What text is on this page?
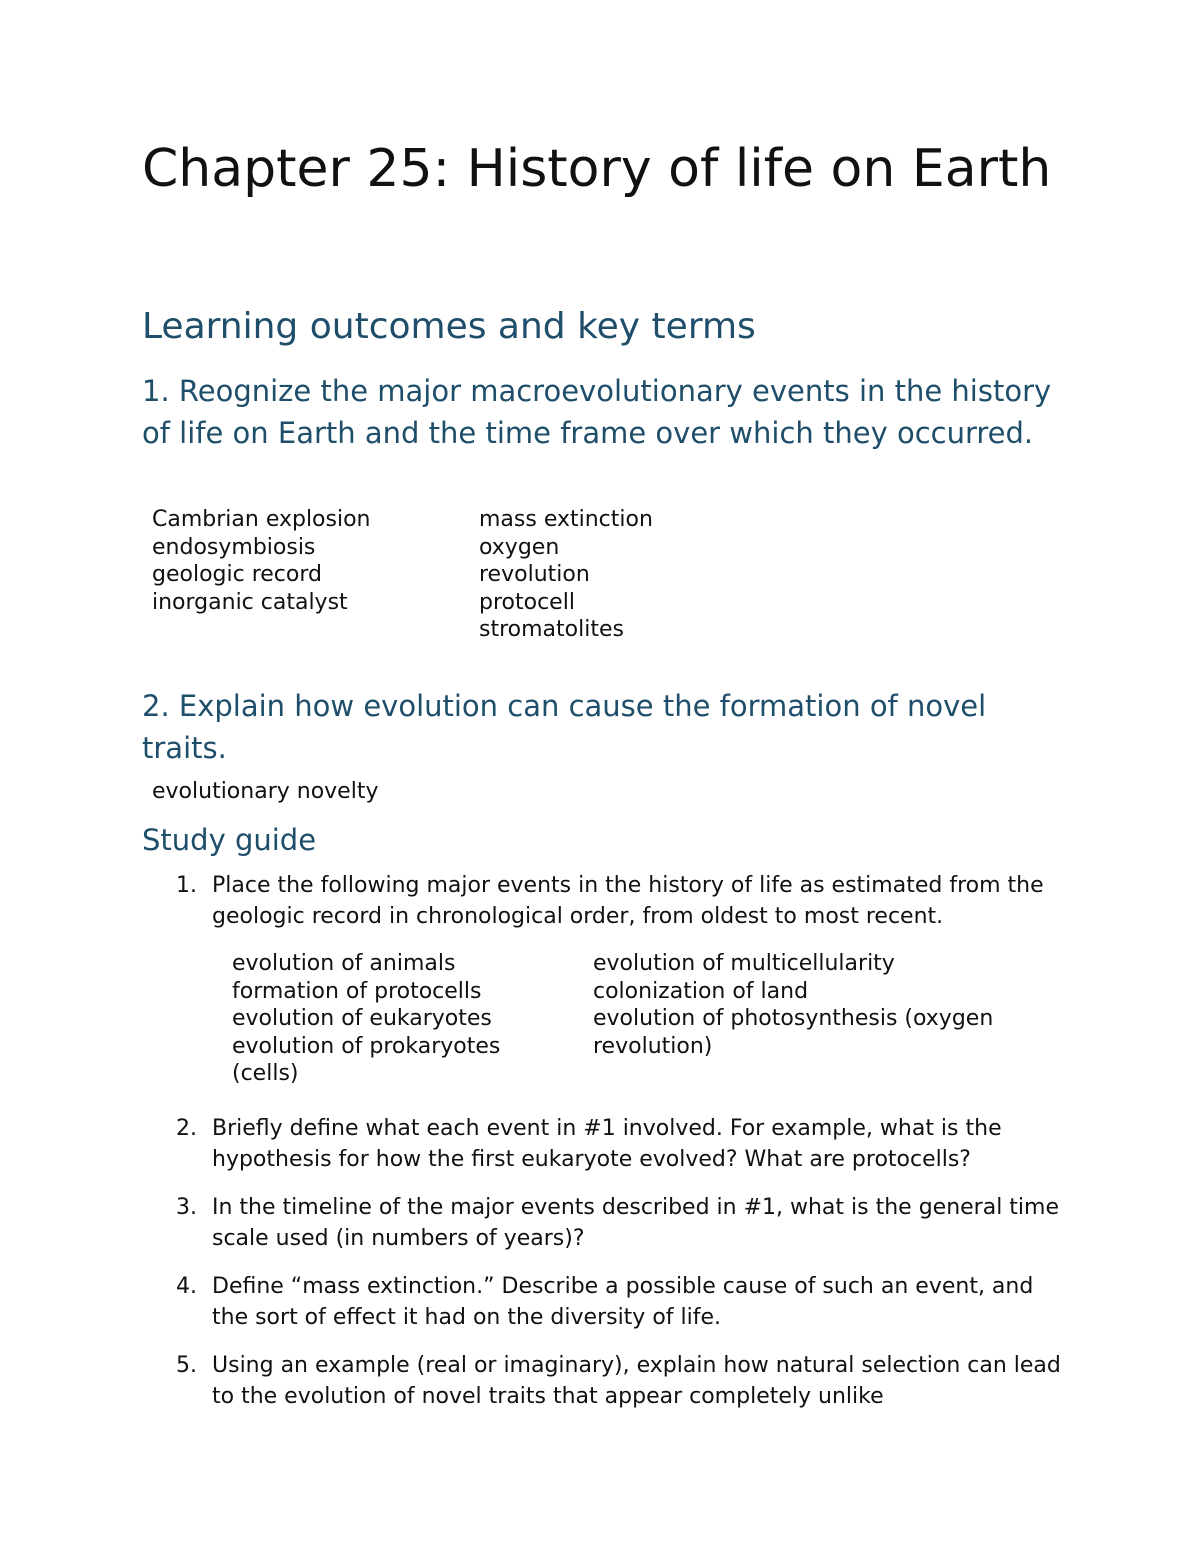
Chapter 25: History of life on Earth
Learning outcomes and key terms
1. Reognize the major macroevolutionary events in the history of life on Earth and the time frame over which they occurred.
Cambrian explosion
endosymbiosis
geologic record
inorganic catalyst
mass extinction
oxygen
revolution
protocell
stromatolites
2. Explain how evolution can cause the formation of novel traits.
evolutionary novelty
Study guide
1. Place the following major events in the history of life as estimated from the geologic record in chronological order, from oldest to most recent.
evolution of animals
formation of protocells
evolution of eukaryotes
evolution of prokaryotes (cells)
evolution of multicellularity
colonization of land
evolution of photosynthesis (oxygen revolution)
2. Briefly define what each event in #1 involved. For example, what is the hypothesis for how the first eukaryote evolved? What are protocells?
3. In the timeline of the major events described in #1, what is the general time scale used (in numbers of years)?
4. Define “mass extinction.” Describe a possible cause of such an event, and the sort of effect it had on the diversity of life.
5. Using an example (real or imaginary), explain how natural selection can lead to the evolution of novel traits that appear completely unlike
